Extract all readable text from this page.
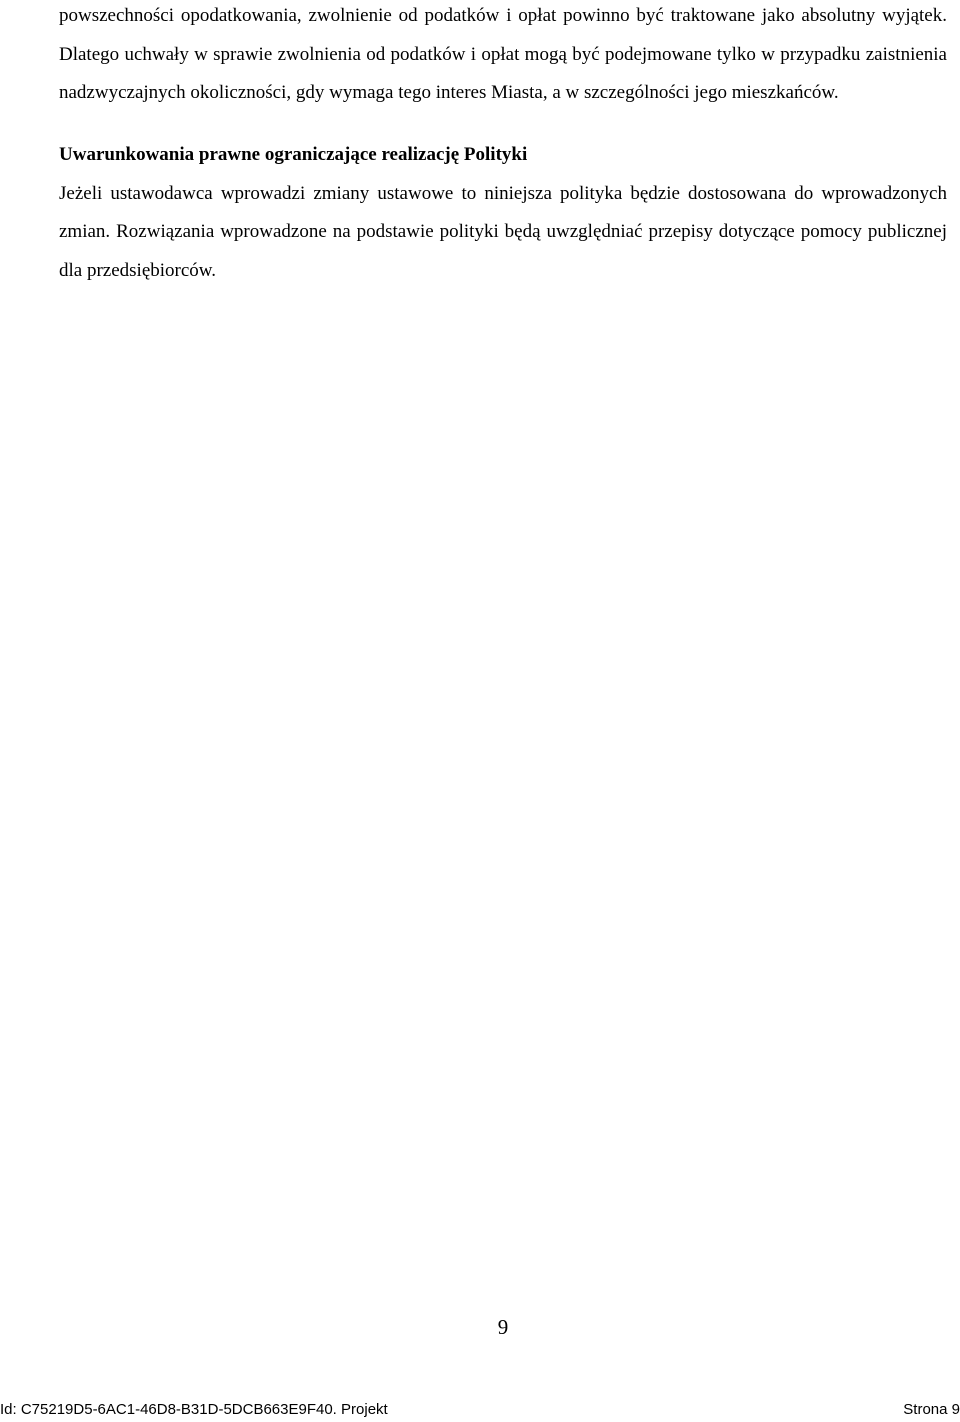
powszechności opodatkowania, zwolnienie od podatków i opłat powinno być traktowane jako absolutny wyjątek. Dlatego uchwały w sprawie zwolnienia od podatków i opłat mogą być podejmowane tylko w przypadku zaistnienia nadzwyczajnych okoliczności, gdy wymaga tego interes Miasta, a w szczególności jego mieszkańców.

Uwarunkowania prawne ograniczające realizację Polityki

Jeżeli ustawodawca wprowadzi zmiany ustawowe to niniejsza polityka będzie dostosowana do wprowadzonych zmian. Rozwiązania wprowadzone na podstawie polityki będą uwzględniać przepisy dotyczące pomocy publicznej dla przedsiębiorców.

9
Id: C75219D5-6AC1-46D8-B31D-5DCB663E9F40. Projekt	Strona 9
